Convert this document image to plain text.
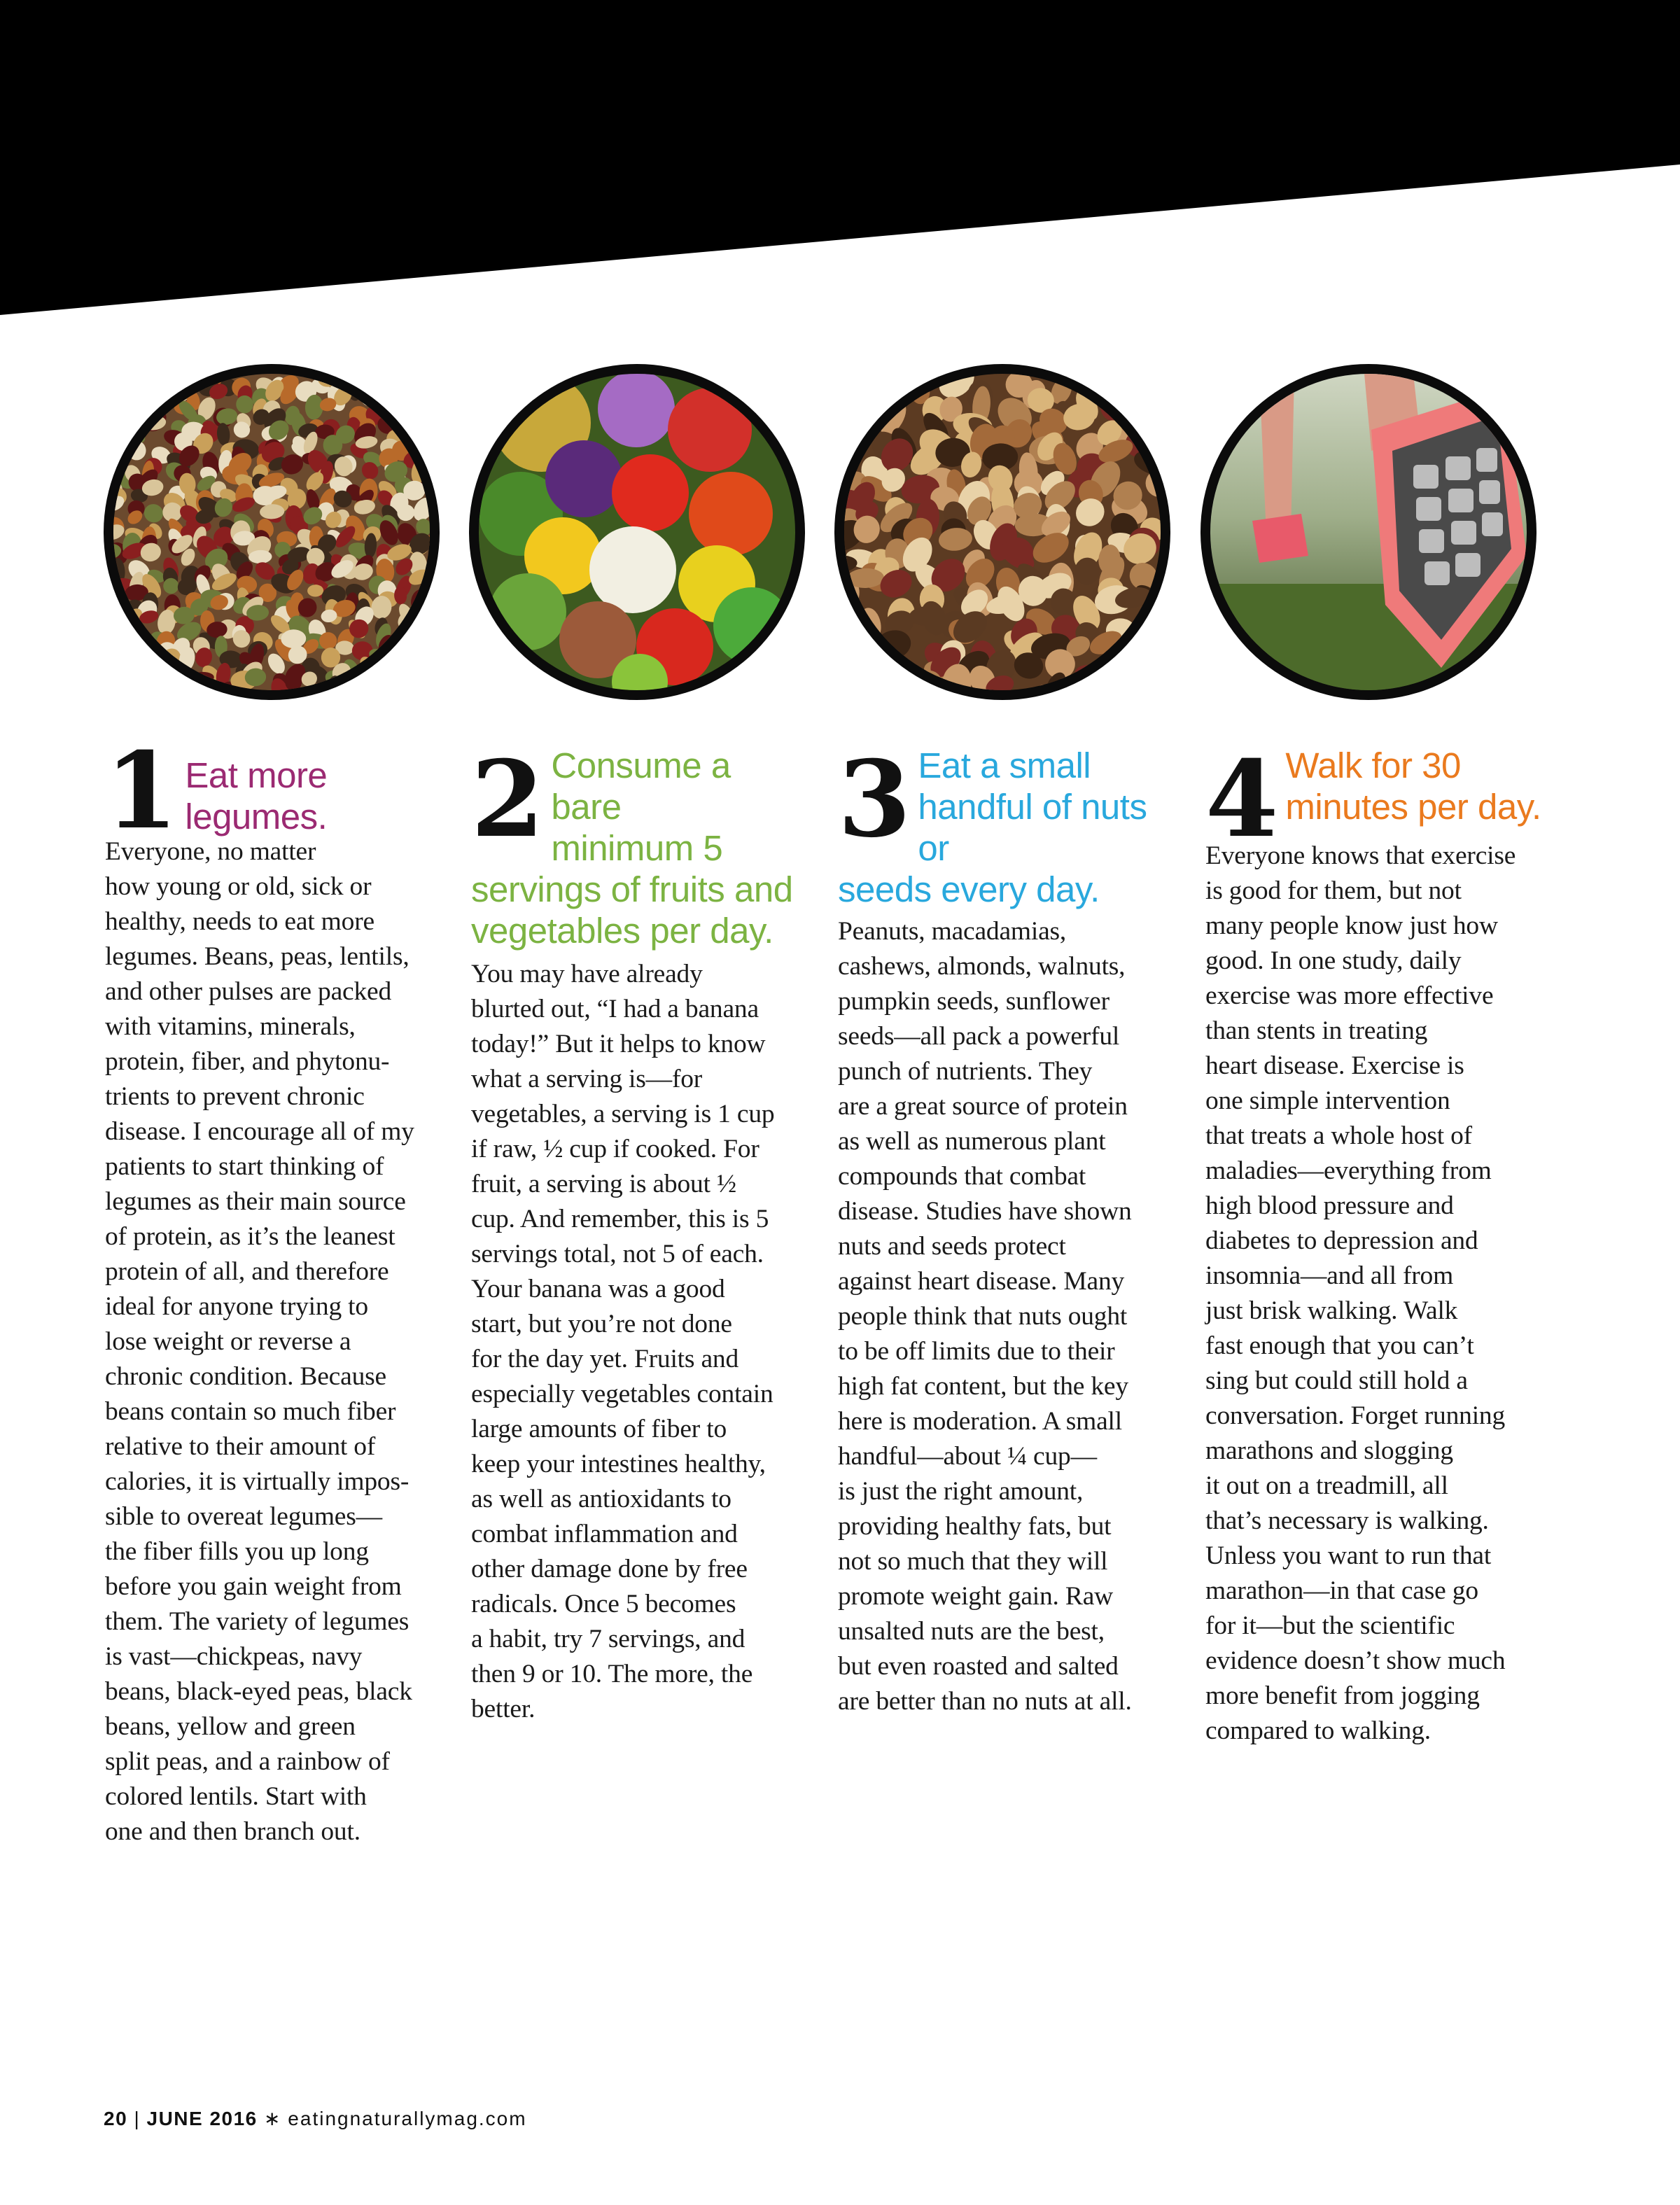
1 Eat more legumes.
Everyone, no matter
how young or old, sick or
healthy, needs to eat more
legumes. Beans, peas, lentils,
and other pulses are packed
with vitamins, minerals,
protein, fiber, and phytonu-
trients to prevent chronic
disease. I encourage all of my
patients to start thinking of
legumes as their main source
of protein, as it’s the leanest
protein of all, and therefore
ideal for anyone trying to
lose weight or reverse a
chronic condition. Because
beans contain so much fiber
relative to their amount of
calories, it is virtually impos-
sible to overeat legumes—
the fiber fills you up long
before you gain weight from
them. The variety of legumes
is vast—chickpeas, navy
beans, black-eyed peas, black
beans, yellow and green
split peas, and a rainbow of
colored lentils. Start with
one and then branch out.
2 Consume a bare
minimum 5
servings of fruits and
vegetables per day.
You may have already
blurted out, “I had a banana
today!” But it helps to know
what a serving is—for
vegetables, a serving is 1 cup
if raw, ½ cup if cooked. For
fruit, a serving is about ½
cup. And remember, this is 5
servings total, not 5 of each.
Your banana was a good
start, but you’re not done
for the day yet. Fruits and
especially vegetables contain
large amounts of fiber to
keep your intestines healthy,
as well as antioxidants to
combat inflammation and
other damage done by free
radicals. Once 5 becomes
a habit, try 7 servings, and
then 9 or 10. The more, the
better.
3 Eat a small
handful of nuts or
seeds every day.
Peanuts, macadamias,
cashews, almonds, walnuts,
pumpkin seeds, sunflower
seeds—all pack a powerful
punch of nutrients. They
are a great source of protein
as well as numerous plant
compounds that combat
disease. Studies have shown
nuts and seeds protect
against heart disease. Many
people think that nuts ought
to be off limits due to their
high fat content, but the key
here is moderation. A small
handful—about ¼ cup—
is just the right amount,
providing healthy fats, but
not so much that they will
promote weight gain. Raw
unsalted nuts are the best,
but even roasted and salted
are better than no nuts at all.
4 Walk for 30
minutes per day.
Everyone knows that exercise
is good for them, but not
many people know just how
good. In one study, daily
exercise was more effective
than stents in treating
heart disease. Exercise is
one simple intervention
that treats a whole host of
maladies—everything from
high blood pressure and
diabetes to depression and
insomnia—and all from
just brisk walking. Walk
fast enough that you can’t
sing but could still hold a
conversation. Forget running
marathons and slogging
it out on a treadmill, all
that’s necessary is walking.
Unless you want to run that
marathon—in that case go
for it—but the scientific
evidence doesn’t show much
more benefit from jogging
compared to walking.
20 | JUNE 2016 ∗ eatingnaturallymag.com
